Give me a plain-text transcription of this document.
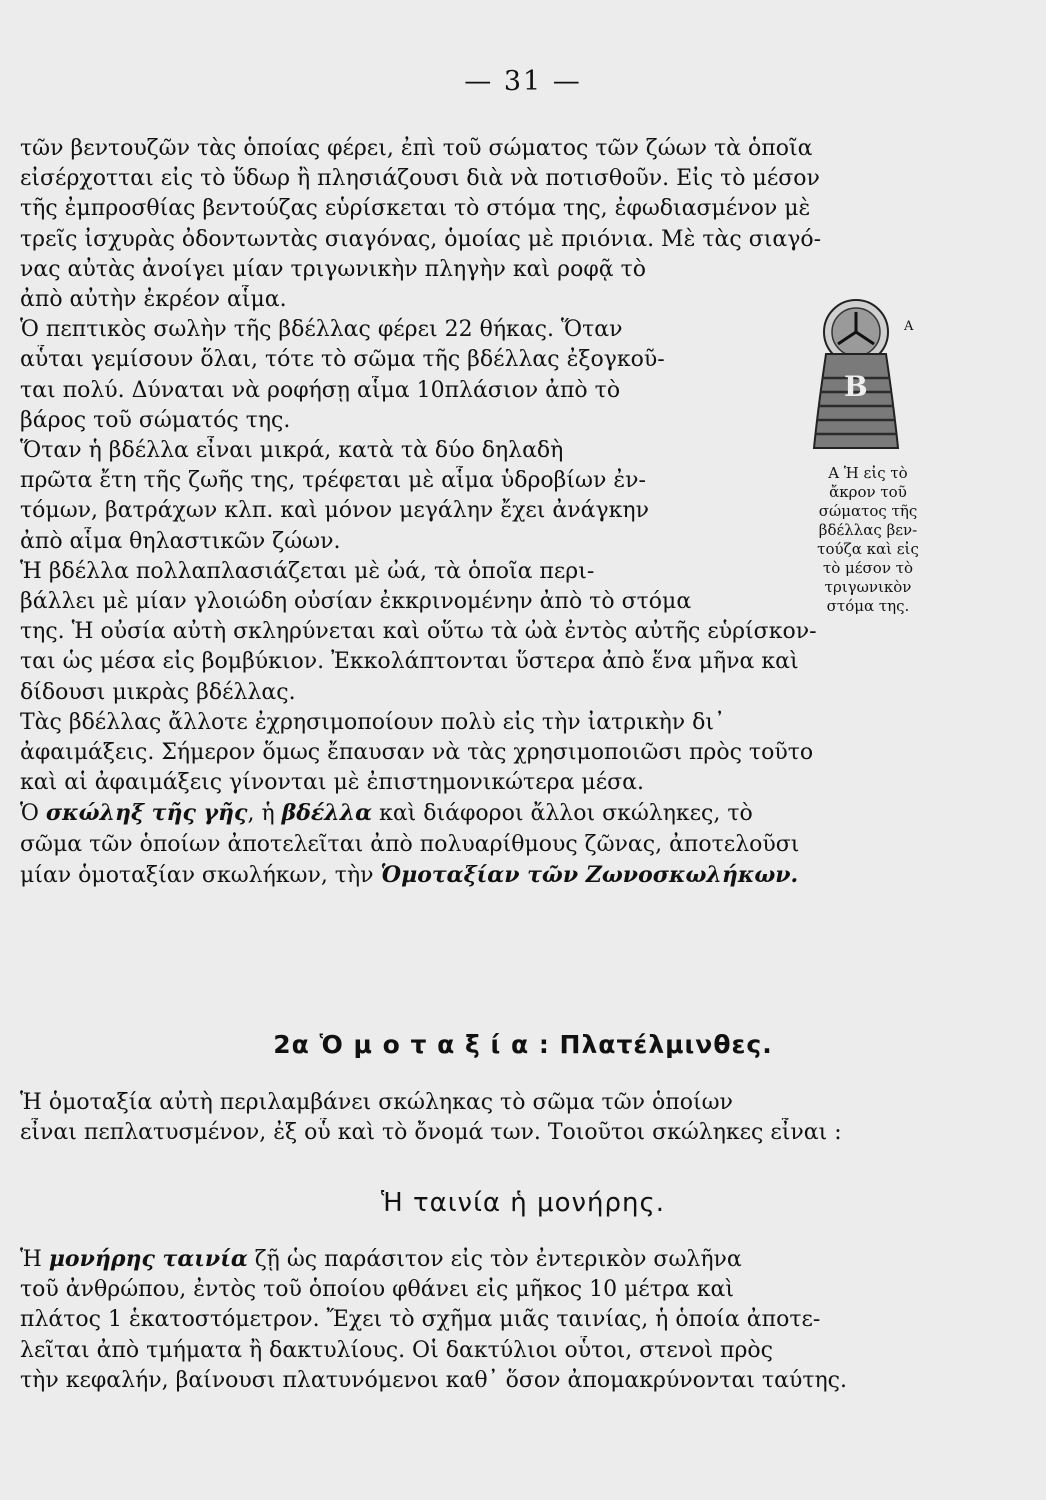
— 31 —
τῶν βεντουζῶν τὰς ὁποίας φέρει, ἐπὶ τοῦ σώματος τῶν ζώων τὰ ὁποῖα
εἰσέρχοτται εἰς τὸ ὕδωρ ἢ πλησιάζουσι διὰ νὰ ποτισθοῦν. Εἰς τὸ μέσον
τῆς ἐμπροσθίας βεντούζας εὑρίσκεται τὸ στόμα της, ἐφωδιασμένον μὲ
τρεῖς ἰσχυρὰς ὀδοντωντὰς σιαγόνας, ὁμοίας μὲ πριόνια. Μὲ τὰς σιαγό-
νας αὐτὰς ἀνοίγει μίαν τριγωνικὴν πληγὴν καὶ ροφᾷ τὸ
ἀπὸ αὐτὴν ἐκρέον αἷμα.
Ὁ πεπτικὸς σωλὴν τῆς βδέλλας φέρει 22 θήκας. Ὅταν
αὗται γεμίσουν ὅλαι, τότε τὸ σῶμα τῆς βδέλλας ἐξογκοῦ-
ται πολύ. Δύναται νὰ ροφήσῃ αἷμα 10πλάσιον ἀπὸ τὸ
βάρος τοῦ σώματός της.
Ὅταν ἡ βδέλλα εἶναι μικρά, κατὰ τὰ δύο δηλαδὴ
πρῶτα ἔτη τῆς ζωῆς της, τρέφεται μὲ αἷμα ὑδροβίων ἐν-
τόμων, βατράχων κλπ. καὶ μόνον μεγάλην ἔχει ἀνάγκην
ἀπὸ αἷμα θηλαστικῶν ζώων.
Ἡ βδέλλα πολλαπλασιάζεται μὲ ὠά, τὰ ὁποῖα περι-
βάλλει μὲ μίαν γλοιώδη οὐσίαν ἐκκρινομένην ἀπὸ τὸ στόμα
της. Ἡ οὐσία αὐτὴ σκληρύνεται καὶ οὕτω τὰ ὠὰ ἐντὸς αὐτῆς εὑρίσκον-
ται ὡς μέσα εἰς βομβύκιον. Ἐκκολάπτονται ὕστερα ἀπὸ ἕνα μῆνα καὶ
δίδουσι μικρὰς βδέλλας.
Τὰς βδέλλας ἄλλοτε ἐχρησιμοποίουν πολὺ εἰς τὴν ἰατρικὴν δι᾿
ἀφαιμάξεις. Σήμερον ὅμως ἔπαυσαν νὰ τὰς χρησιμοποιῶσι πρὸς τοῦτο
καὶ αἱ ἀφαιμάξεις γίνονται μὲ ἐπιστημονικώτερα μέσα.
Ὁ σκώληξ τῆς γῆς, ἡ βδέλλα καὶ διάφοροι ἄλλοι σκώληκες, τὸ
σῶμα τῶν ὁποίων ἀποτελεῖται ἀπὸ πολυαρίθμους ζῶνας, ἀποτελοῦσι
μίαν ὁμοταξίαν σκωλήκων, τὴν Ὁμοταξίαν τῶν Ζωνοσκωλήκων.
2α Ὁ μ ο τ α ξ ί α : Πλατέλμινθες.
Ἡ ὁμοταξία αὐτὴ περιλαμβάνει σκώληκας τὸ σῶμα τῶν ὁποίων
εἶναι πεπλατυσμένον, ἐξ οὗ καὶ τὸ ὄνομά των. Τοιοῦτοι σκώληκες εἶναι :
Ἡ ταινία ἡ μονήρης.
Ἡ μονήρης ταινία ζῇ ὡς παράσιτον εἰς τὸν ἐντερικὸν σωλῆνα
τοῦ ἀνθρώπου, ἐντὸς τοῦ ὁποίου φθάνει εἰς μῆκος 10 μέτρα καὶ
πλάτος 1 ἑκατοστόμετρον. Ἔχει τὸ σχῆμα μιᾶς ταινίας, ἡ ὁποία ἀποτε-
λεῖται ἀπὸ τμήματα ἢ δακτυλίους. Οἱ δακτύλιοι οὗτοι, στενοὶ πρὸς
τὴν κεφαλήν, βαίνουσι πλατυνόμενοι καθ᾿ ὅσον ἀπομακρύνονται ταύτης.
Α
Β
Α Ἡ εἰς τὸ
ἄκρον τοῦ
σώματος τῆς
βδέλλας βεν-
τούζα καὶ εἰς
τὸ μέσον τὸ
τριγωνικὸν
στόμα της.
